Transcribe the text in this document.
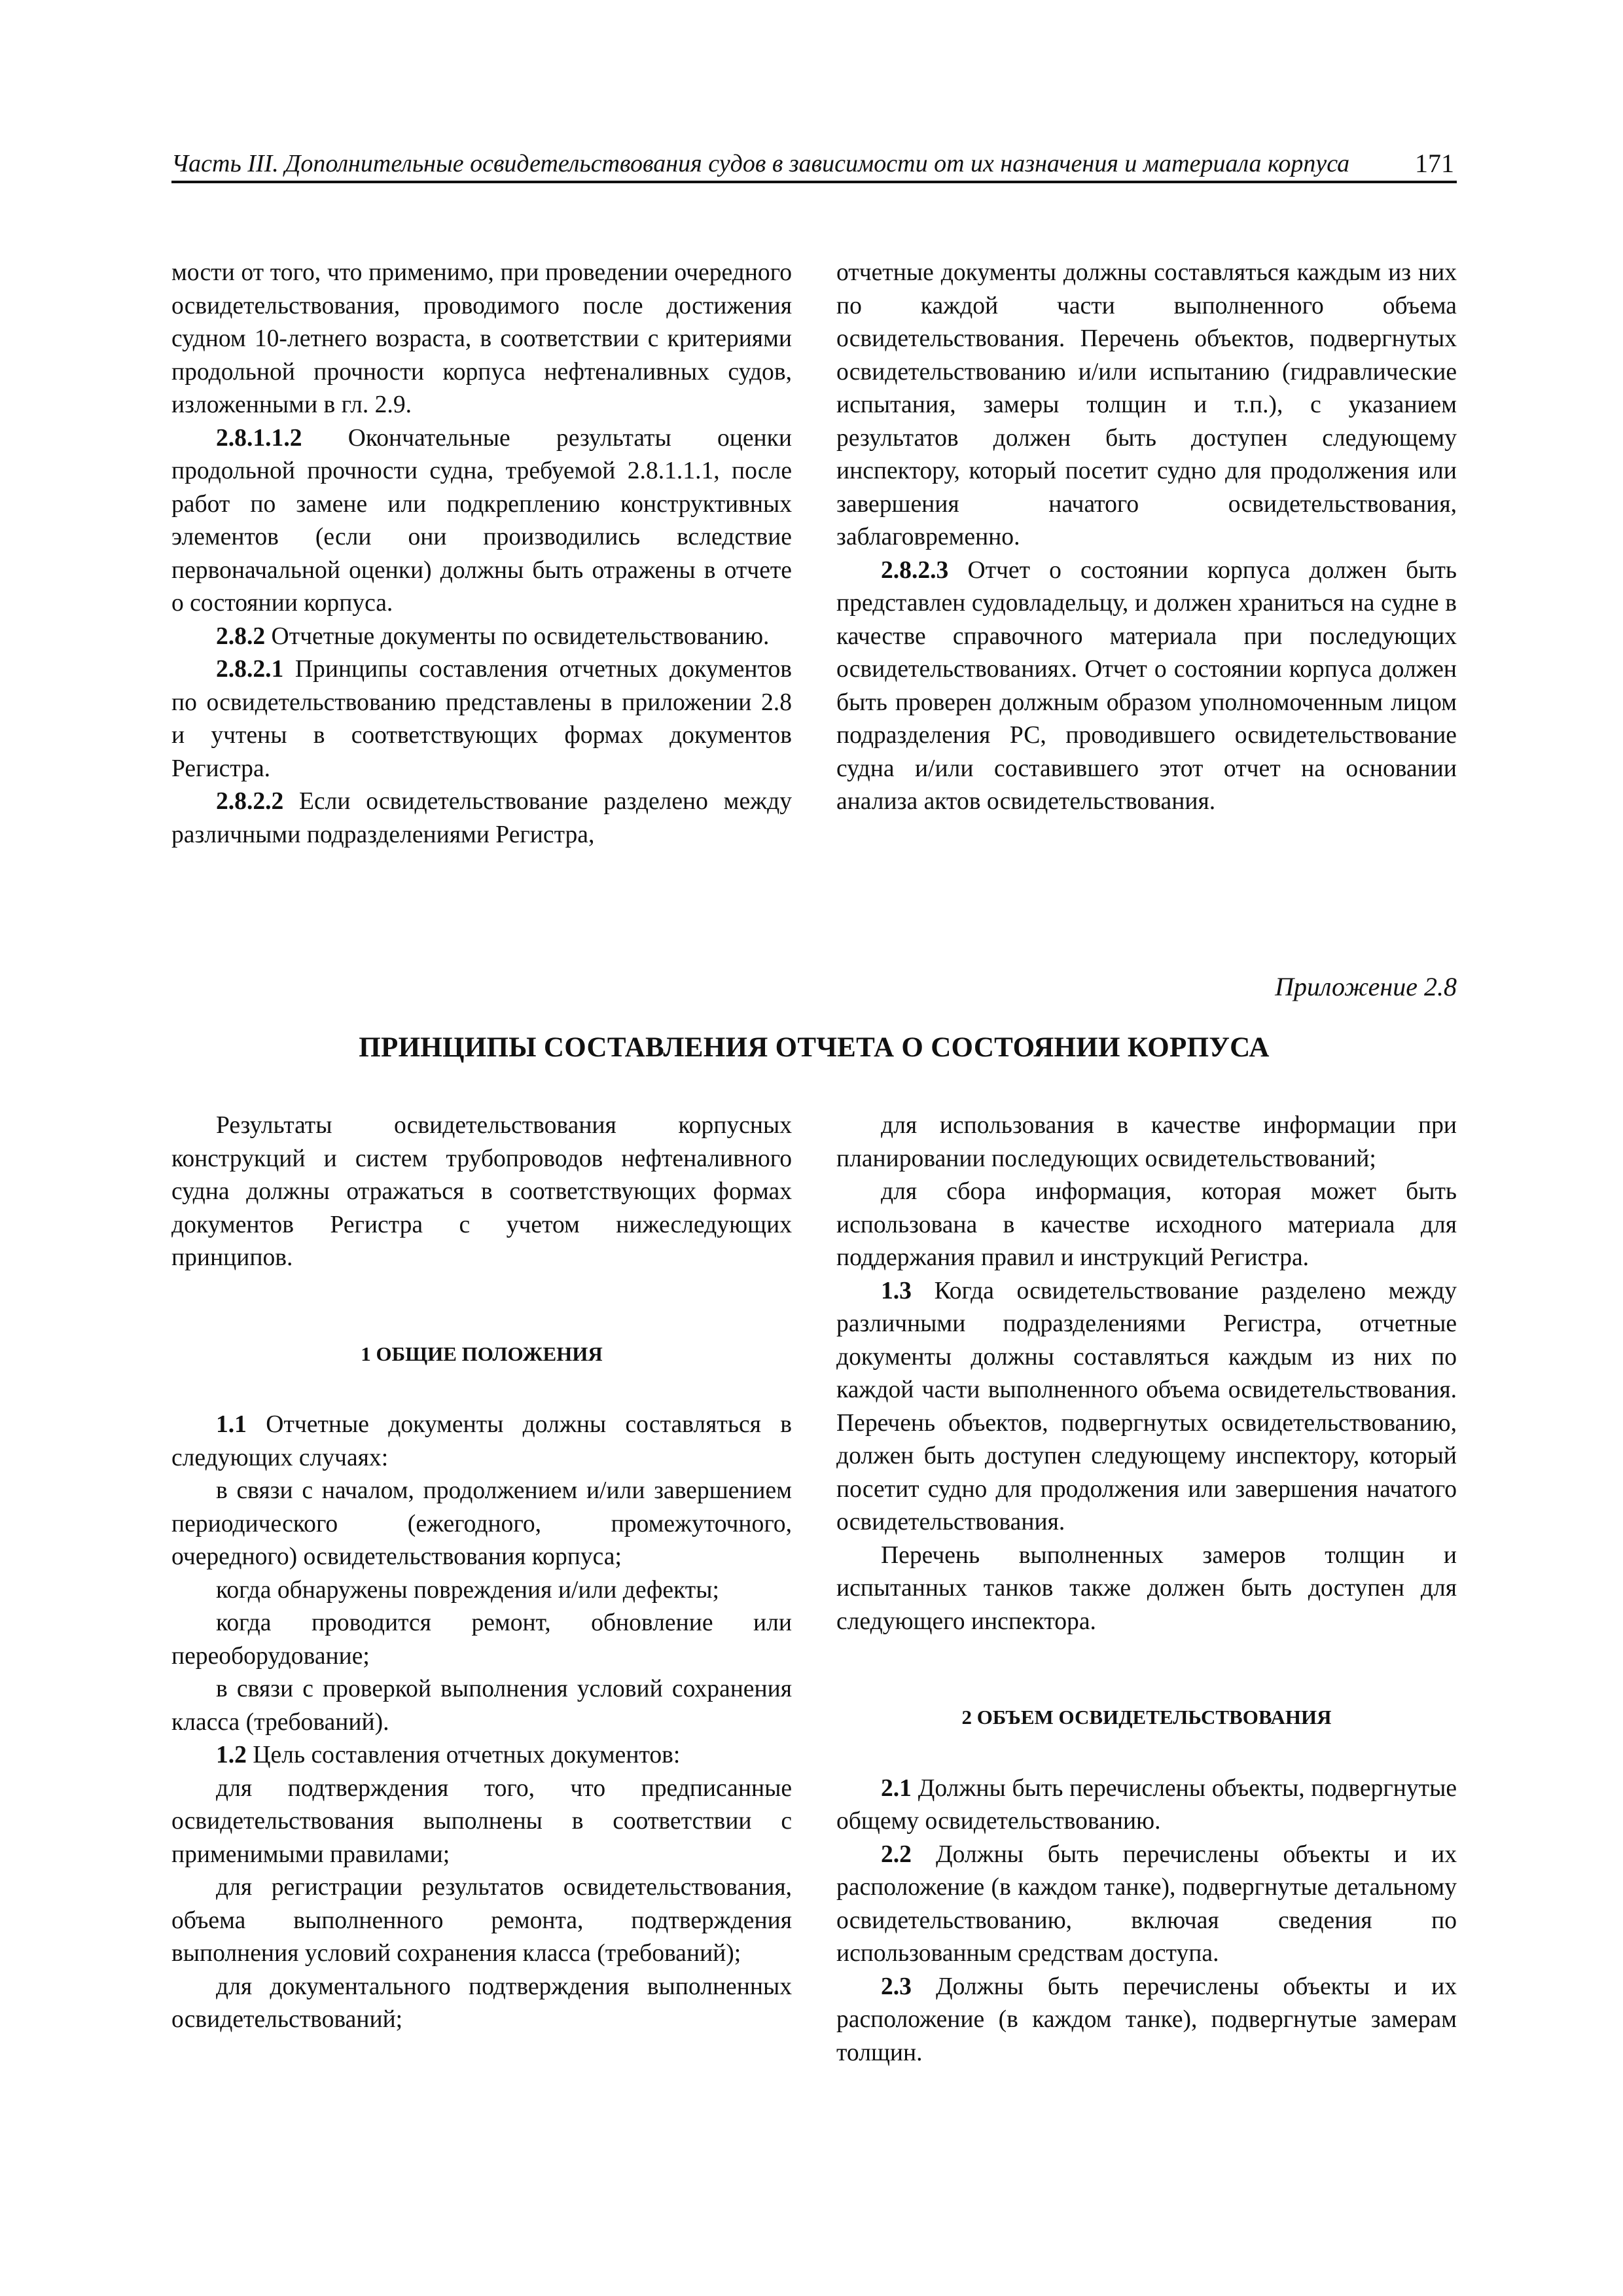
Часть III. Дополнительные освидетельствования судов в зависимости от их назначения и материала корпуса 171

мости от того, что применимо, при проведении очередного освидетельствования, проводимого после достижения судном 10-летнего возраста, в соответствии с критериями продольной прочности корпуса нефтеналивных судов, изложенными в гл. 2.9.

2.8.1.1.2 Окончательные результаты оценки продольной прочности судна, требуемой 2.8.1.1.1, после работ по замене или подкреплению конструктивных элементов (если они производились вследствие первоначальной оценки) должны быть отражены в отчете о состоянии корпуса.

2.8.2 Отчетные документы по освидетельствованию.

2.8.2.1 Принципы составления отчетных документов по освидетельствованию представлены в приложении 2.8 и учтены в соответствующих формах документов Регистра.

2.8.2.2 Если освидетельствование разделено между различными подразделениями Регистра,

отчетные документы должны составляться каждым из них по каждой части выполненного объема освидетельствования. Перечень объектов, подвергнутых освидетельствованию и/или испытанию (гидравлические испытания, замеры толщин и т.п.), с указанием результатов должен быть доступен следующему инспектору, который посетит судно для продолжения или завершения начатого освидетельствования, заблаговременно.

2.8.2.3 Отчет о состоянии корпуса должен быть представлен судовладельцу, и должен храниться на судне в качестве справочного материала при последующих освидетельствованиях. Отчет о состоянии корпуса должен быть проверен должным образом уполномоченным лицом подразделения РС, проводившего освидетельствование судна и/или составившего этот отчет на основании анализа актов освидетельствования.

Приложение 2.8
ПРИНЦИПЫ СОСТАВЛЕНИЯ ОТЧЕТА О СОСТОЯНИИ КОРПУСА

Результаты освидетельствования корпусных конструкций и систем трубопроводов нефтеналивного судна должны отражаться в соответствующих формах документов Регистра с учетом нижеследующих принципов.

1 ОБЩИЕ ПОЛОЖЕНИЯ

1.1 Отчетные документы должны составляться в следующих случаях:

в связи с началом, продолжением и/или завершением периодического (ежегодного, промежуточного, очередного) освидетельствования корпуса;

когда обнаружены повреждения и/или дефекты;

когда проводится ремонт, обновление или переоборудование;

в связи с проверкой выполнения условий сохранения класса (требований).

1.2 Цель составления отчетных документов:

для подтверждения того, что предписанные освидетельствования выполнены в соответствии с применимыми правилами;

для регистрации результатов освидетельствования, объема выполненного ремонта, подтверждения выполнения условий сохранения класса (требований);

для документального подтверждения выполненных освидетельствований;

для использования в качестве информации при планировании последующих освидетельствований;

для сбора информация, которая может быть использована в качестве исходного материала для поддержания правил и инструкций Регистра.

1.3 Когда освидетельствование разделено между различными подразделениями Регистра, отчетные документы должны составляться каждым из них по каждой части выполненного объема освидетельствования. Перечень объектов, подвергнутых освидетельствованию, должен быть доступен следующему инспектору, который посетит судно для продолжения или завершения начатого освидетельствования.

Перечень выполненных замеров толщин и испытанных танков также должен быть доступен для следующего инспектора.

2 ОБЪЕМ ОСВИДЕТЕЛЬСТВОВАНИЯ

2.1 Должны быть перечислены объекты, подвергнутые общему освидетельствованию.

2.2 Должны быть перечислены объекты и их расположение (в каждом танке), подвергнутые детальному освидетельствованию, включая сведения по использованным средствам доступа.

2.3 Должны быть перечислены объекты и их расположение (в каждом танке), подвергнутые замерам толщин.
